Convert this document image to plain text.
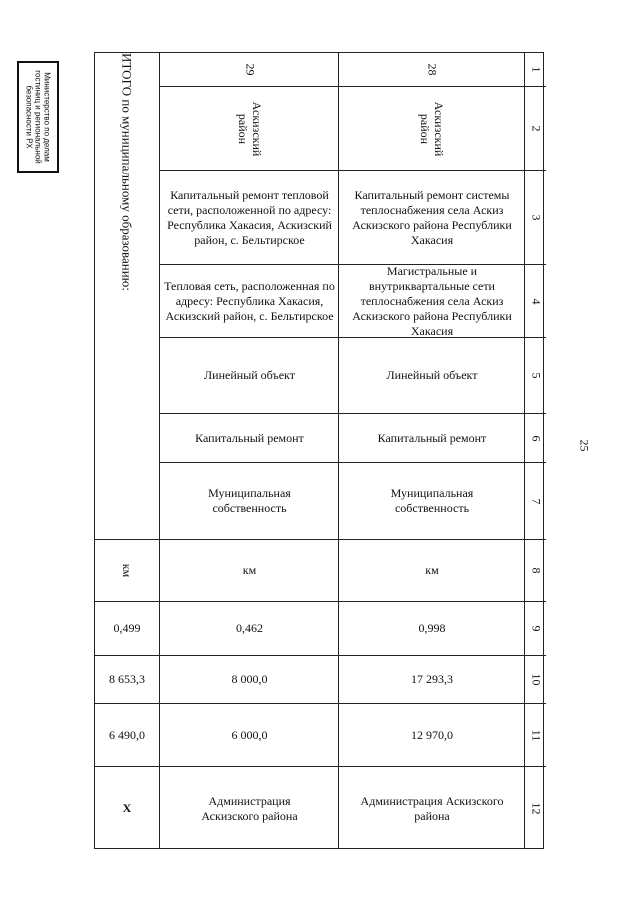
Министерство по делам
гостиниц и региональной
безопасности РХ
25
ИТОГО по муниципальному образованию:
км
0,499
8 653,3
6 490,0
Х
29
Аскизский район
Капитальный ремонт тепловой сети, расположенной по адресу: Республика Хакасия, Аскизский район, с. Бельтирское
Тепловая сеть, расположенная по адресу: Республика Хакасия, Аскизский район, с. Бельтирское
Линейный объект
Капитальный ремонт
Муниципальная собственность
км
0,462
8 000,0
6 000,0
Администрация Аскизского района
28
Аскизский район
Капитальный ремонт системы теплоснабжения села Аскиз Аскизского района Республики Хакасия
Магистральные и внутриквартальные сети теплоснабжения села Аскиз Аскизского района Республики Хакасия
Линейный объект
Капитальный ремонт
Муниципальная собственность
км
0,998
17 293,3
12 970,0
Администрация Аскизского района
1
2
3
4
5
6
7
8
9
10
11
12
